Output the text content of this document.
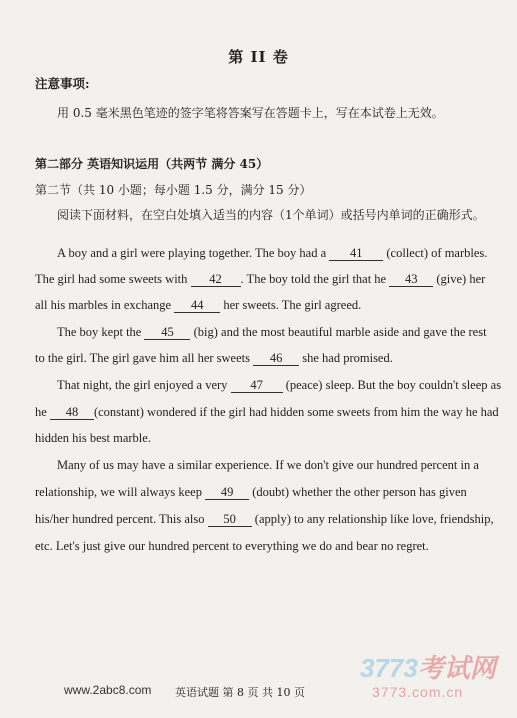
第 II 卷
注意事项:
用 0.5 毫米黑色笔迹的签字笔将答案写在答题卡上，写在本试卷上无效。
第二部分 英语知识运用（共两节 满分 45）
第二节（共 10 小题；每小题 1.5 分，满分 15 分）
阅读下面材料，在空白处填入适当的内容（1个单词）或括号内单词的正确形式。
A boy and a girl were playing together. The boy had a 41 (collect) of marbles.
The girl had some sweets with 42 . The boy told the girl that he 43 (give) her
all his marbles in exchange 44 her sweets. The girl agreed.
The boy kept the 45 (big) and the most beautiful marble aside and gave the rest
to the girl. The girl gave him all her sweets 46 she had promised.
That night, the girl enjoyed a very 47 (peace) sleep. But the boy couldn't sleep as
he 48 (constant) wondered if the girl had hidden some sweets from him the way he had
hidden his best marble.
Many of us may have a similar experience. If we don't give our hundred percent in a
relationship, we will always keep 49 (doubt) whether the other person has given
his/her hundred percent. This also 50 (apply) to any relationship like love, friendship,
etc. Let's just give our hundred percent to everything we do and bear no regret.
www.2abc8.com 英语试题 第 8 页 共 10 页
3773考试网
3773.com.cn
